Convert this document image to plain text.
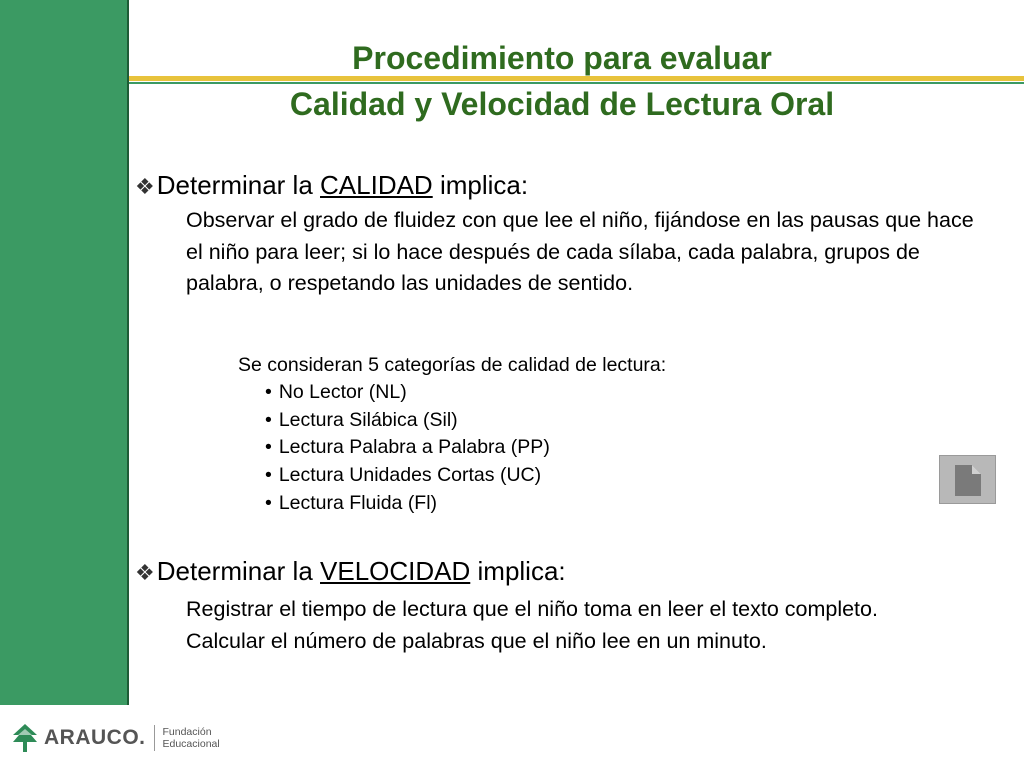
Procedimiento para evaluar
Calidad y Velocidad de Lectura Oral
❖Determinar la CALIDAD implica:
Observar el grado de fluidez con que lee el niño, fijándose en las pausas que hace el niño para leer; si lo hace después de cada sílaba, cada palabra, grupos de palabra, o respetando las unidades de sentido.
Se consideran 5 categorías de calidad de lectura:
• No Lector (NL)
• Lectura Silábica (Sil)
• Lectura Palabra a Palabra (PP)
• Lectura Unidades Cortas (UC)
• Lectura Fluida (Fl)
❖Determinar la VELOCIDAD implica:
Registrar el tiempo de lectura que el niño toma en leer el texto completo.
Calcular el número de palabras que el niño lee en un minuto.
ARAUCO. Fundación
Educacional
